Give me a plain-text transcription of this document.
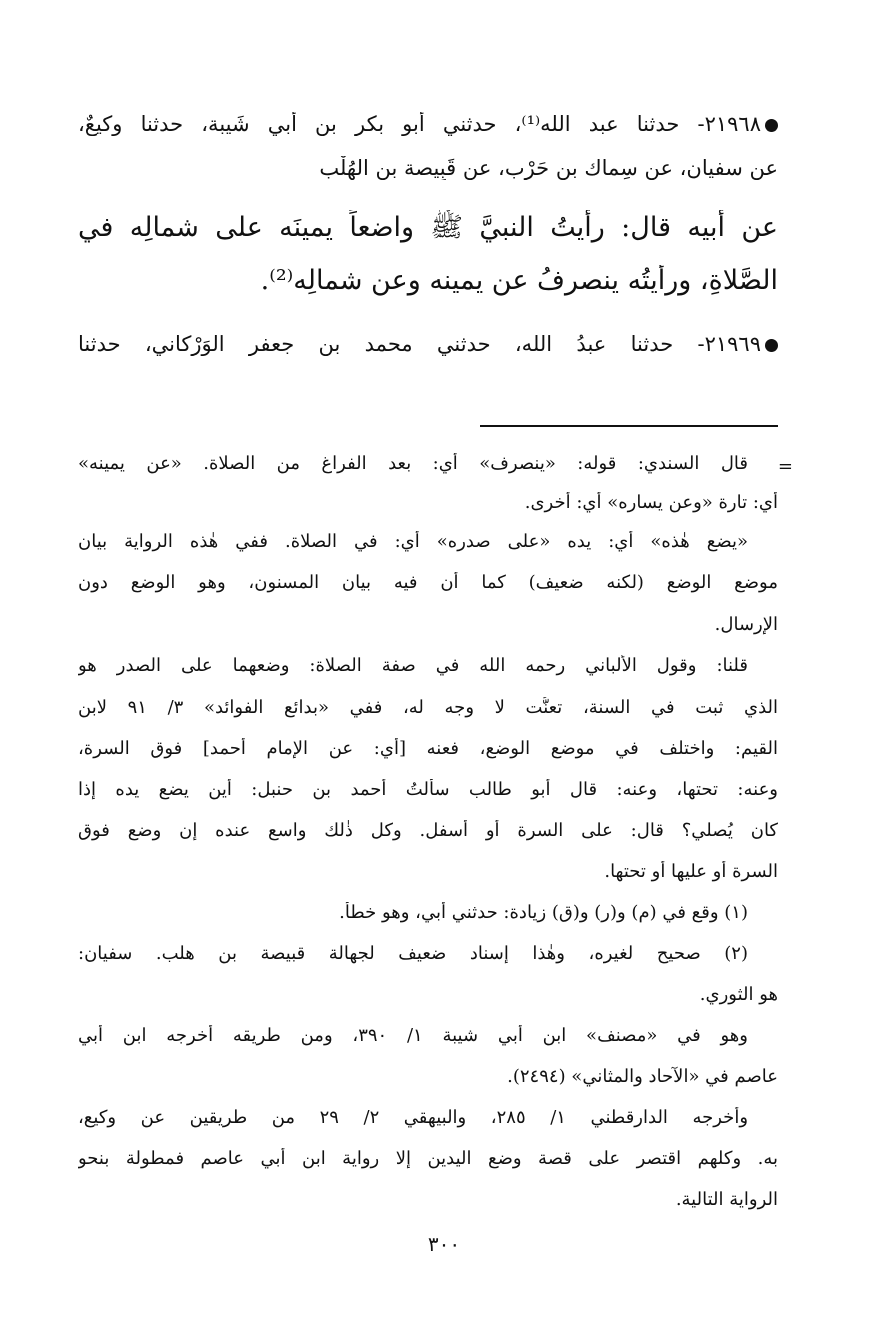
٢١٩٦٨- حدثنا عبد الله⁽¹⁾، حدثني أبو بكر بن أبي شَيبة، حدثنا وكيعٌ،
عن سفيان، عن سِماك بن حَرْب، عن قَبِيصة بن الهُلْب
عن أَبيه قال: رأيتُ النبيَّ ﷺ واضعاً يمينَه على شمالِه في
الصَّلاةِ، ورأيتُه ينصرِفُ عن يمينه وعن شمالِه⁽²⁾.
٢١٩٦٩- حدثنا عبدُ الله، حدثني محمد بن جعفر الوَرْكاني، حدثنا
=
قال السندي: قوله: «ينصرف» أي: بعد الفراغ من الصلاة. «عن يمينه»
أي: تارة «وعن يساره» أي: أخرى.
«يضع هٰذه» أي: يده «على صدره» أي: في الصلاة. ففي هٰذه الرواية بيان
موضع الوضع (لكنه ضعيف) كما أن فيه بيان المسنون، وهو الوضع دون
الإرسال.
قلنا: وقول الألباني رحمه الله في صفة الصلاة: وضعهما على الصدر هو
الذي ثبت في السنة، تعنُّت لا وجه له، ففي «بدائع الفوائد» ٣/ ٩١ لابن
القيم: واختلف في موضع الوضع، فعنه [أي: عن الإمام أحمد] فوق السرة،
وعنه: تحتها، وعنه: قال أبو طالب سألتُ أحمد بن حنبل: أين يضع يده إذا
كان يُصلي؟ قال: على السرة أو أسفل. وكل ذٰلك واسع عنده إن وضع فوق
السرة أو عليها أو تحتها.
(١) وقع في (م) و(ر) و(ق) زيادة: حدثني أبي، وهو خطأ.
(٢) صحيح لغيره، وهٰذا إسناد ضعيف لجهالة قبيصة بن هلب. سفيان:
هو الثوري.
وهو في «مصنف» ابن أبي شيبة ١/ ٣٩٠، ومن طريقه أخرجه ابن أبي
عاصم في «الآحاد والمثاني» (٢٤٩٤).
وأخرجه الدارقطني ١/ ٢٨٥، والبيهقي ٢/ ٢٩ من طريقين عن وكيع،
به. وكلهم اقتصر على قصة وضع اليدين إلا رواية ابن أبي عاصم فمطولة بنحو
الرواية التالية.
٣٠٠
